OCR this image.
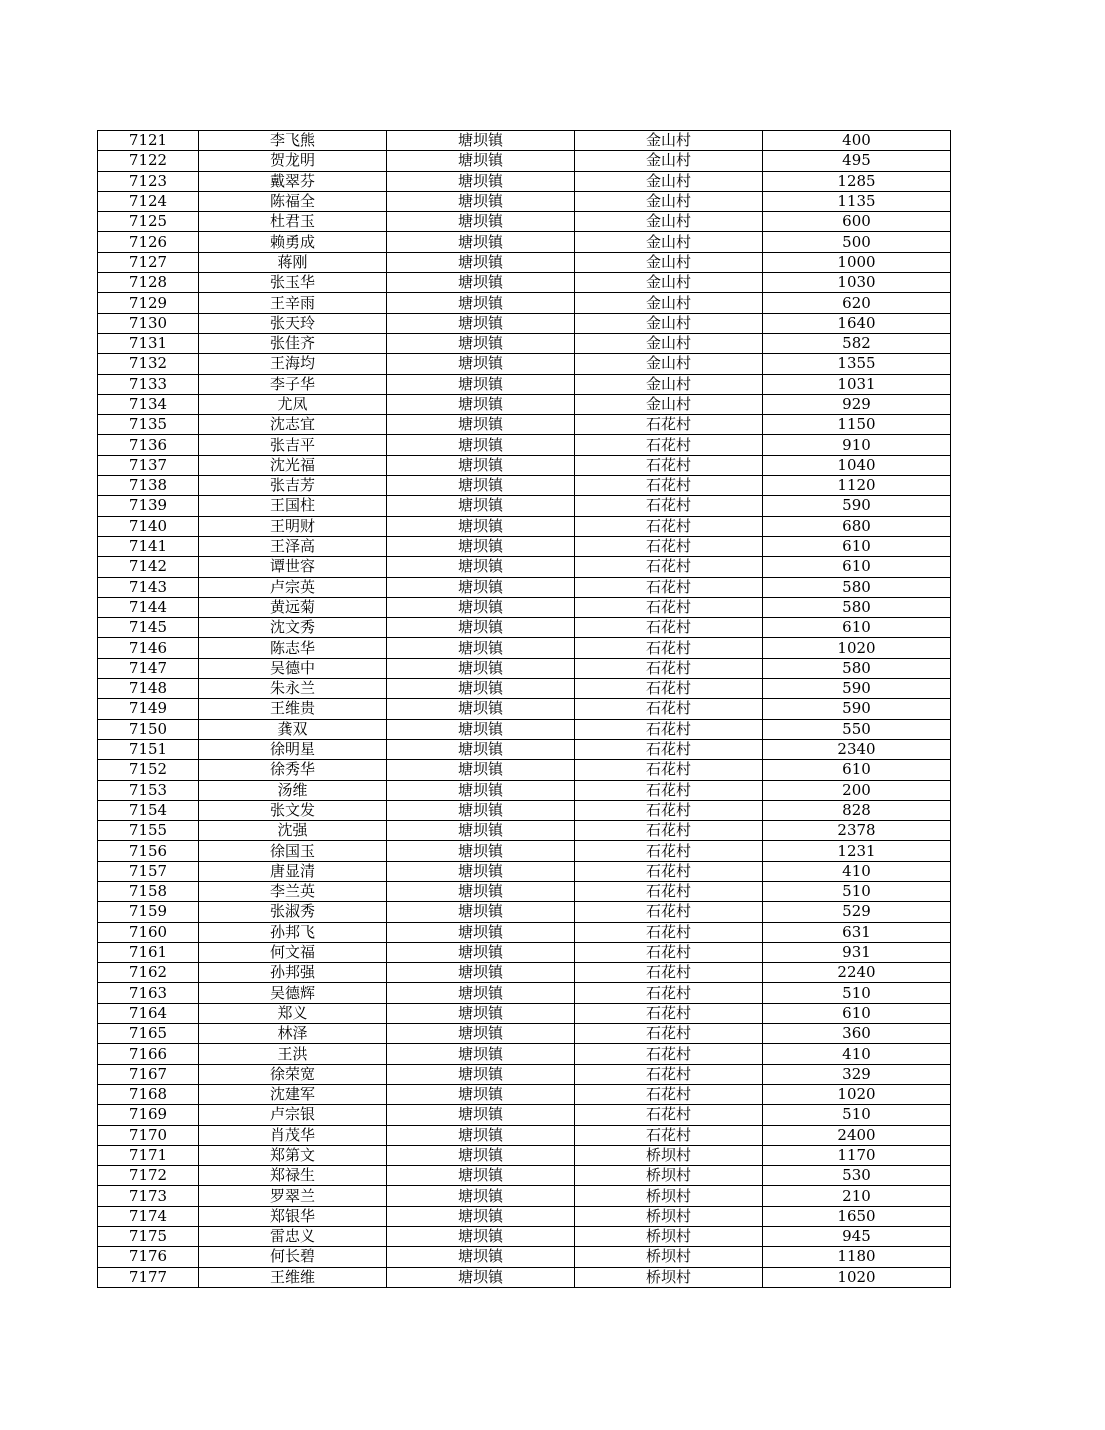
7121	李飞熊	塘坝镇	金山村	400
7122	贺龙明	塘坝镇	金山村	495
7123	戴翠芬	塘坝镇	金山村	1285
7124	陈福全	塘坝镇	金山村	1135
7125	杜君玉	塘坝镇	金山村	600
7126	赖勇成	塘坝镇	金山村	500
7127	蒋刚	塘坝镇	金山村	1000
7128	张玉华	塘坝镇	金山村	1030
7129	王辛雨	塘坝镇	金山村	620
7130	张天玲	塘坝镇	金山村	1640
7131	张佳齐	塘坝镇	金山村	582
7132	王海均	塘坝镇	金山村	1355
7133	李子华	塘坝镇	金山村	1031
7134	尤凤	塘坝镇	金山村	929
7135	沈志宜	塘坝镇	石花村	1150
7136	张吉平	塘坝镇	石花村	910
7137	沈光福	塘坝镇	石花村	1040
7138	张吉芳	塘坝镇	石花村	1120
7139	王国柱	塘坝镇	石花村	590
7140	王明财	塘坝镇	石花村	680
7141	王泽高	塘坝镇	石花村	610
7142	谭世容	塘坝镇	石花村	610
7143	卢宗英	塘坝镇	石花村	580
7144	黄远菊	塘坝镇	石花村	580
7145	沈文秀	塘坝镇	石花村	610
7146	陈志华	塘坝镇	石花村	1020
7147	吴德中	塘坝镇	石花村	580
7148	朱永兰	塘坝镇	石花村	590
7149	王维贵	塘坝镇	石花村	590
7150	龚双	塘坝镇	石花村	550
7151	徐明星	塘坝镇	石花村	2340
7152	徐秀华	塘坝镇	石花村	610
7153	汤维	塘坝镇	石花村	200
7154	张文发	塘坝镇	石花村	828
7155	沈强	塘坝镇	石花村	2378
7156	徐国玉	塘坝镇	石花村	1231
7157	唐显清	塘坝镇	石花村	410
7158	李兰英	塘坝镇	石花村	510
7159	张淑秀	塘坝镇	石花村	529
7160	孙邦飞	塘坝镇	石花村	631
7161	何文福	塘坝镇	石花村	931
7162	孙邦强	塘坝镇	石花村	2240
7163	吴德辉	塘坝镇	石花村	510
7164	郑义	塘坝镇	石花村	610
7165	林泽	塘坝镇	石花村	360
7166	王洪	塘坝镇	石花村	410
7167	徐荣宽	塘坝镇	石花村	329
7168	沈建军	塘坝镇	石花村	1020
7169	卢宗银	塘坝镇	石花村	510
7170	肖茂华	塘坝镇	石花村	2400
7171	郑第文	塘坝镇	桥坝村	1170
7172	郑禄生	塘坝镇	桥坝村	530
7173	罗翠兰	塘坝镇	桥坝村	210
7174	郑银华	塘坝镇	桥坝村	1650
7175	雷忠义	塘坝镇	桥坝村	945
7176	何长碧	塘坝镇	桥坝村	1180
7177	王维维	塘坝镇	桥坝村	1020
